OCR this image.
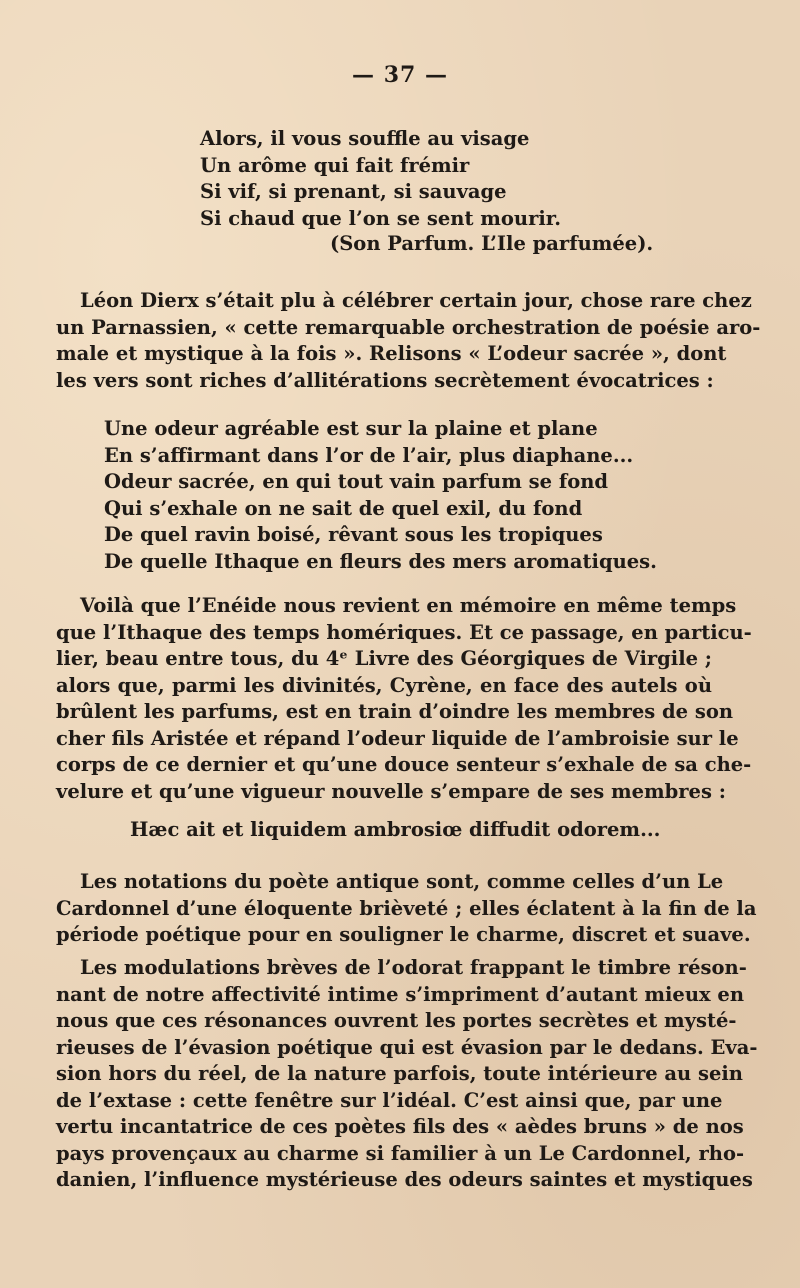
— 37 —
Alors, il vous souffle au visage
Un arôme qui fait frémir
Si vif, si prenant, si sauvage
Si chaud que l’on se sent mourir.
(Son Parfum. L’Ile parfumée).
Léon Dierx s’était plu à célébrer certain jour, chose rare chez
un Parnassien, « cette remarquable orchestration de poésie aro-
male et mystique à la fois ». Relisons « L’odeur sacrée », dont
les vers sont riches d’allitérations secrètement évocatrices :
Une odeur agréable est sur la plaine et plane
En s’affirmant dans l’or de l’air, plus diaphane...
Odeur sacrée, en qui tout vain parfum se fond
Qui s’exhale on ne sait de quel exil, du fond
De quel ravin boisé, rêvant sous les tropiques
De quelle Ithaque en fleurs des mers aromatiques.
Voilà que l’Enéide nous revient en mémoire en même temps
que l’Ithaque des temps homériques. Et ce passage, en particu-
lier, beau entre tous, du 4ᵉ Livre des Géorgiques de Virgile ;
alors que, parmi les divinités, Cyrène, en face des autels où
brûlent les parfums, est en train d’oindre les membres de son
cher fils Aristée et répand l’odeur liquide de l’ambroisie sur le
corps de ce dernier et qu’une douce senteur s’exhale de sa che-
velure et qu’une vigueur nouvelle s’empare de ses membres :
Hæc ait et liquidem ambrosiœ diffudit odorem...
Les notations du poète antique sont, comme celles d’un Le
Cardonnel d’une éloquente brièveté ; elles éclatent à la fin de la
période poétique pour en souligner le charme, discret et suave.
Les modulations brèves de l’odorat frappant le timbre réson-
nant de notre affectivité intime s’impriment d’autant mieux en
nous que ces résonances ouvrent les portes secrètes et mysté-
rieuses de l’évasion poétique qui est évasion par le dedans. Eva-
sion hors du réel, de la nature parfois, toute intérieure au sein
de l’extase : cette fenêtre sur l’idéal. C’est ainsi que, par une
vertu incantatrice de ces poètes fils des « aèdes bruns » de nos
pays provençaux au charme si familier à un Le Cardonnel, rho-
danien, l’influence mystérieuse des odeurs saintes et mystiques
